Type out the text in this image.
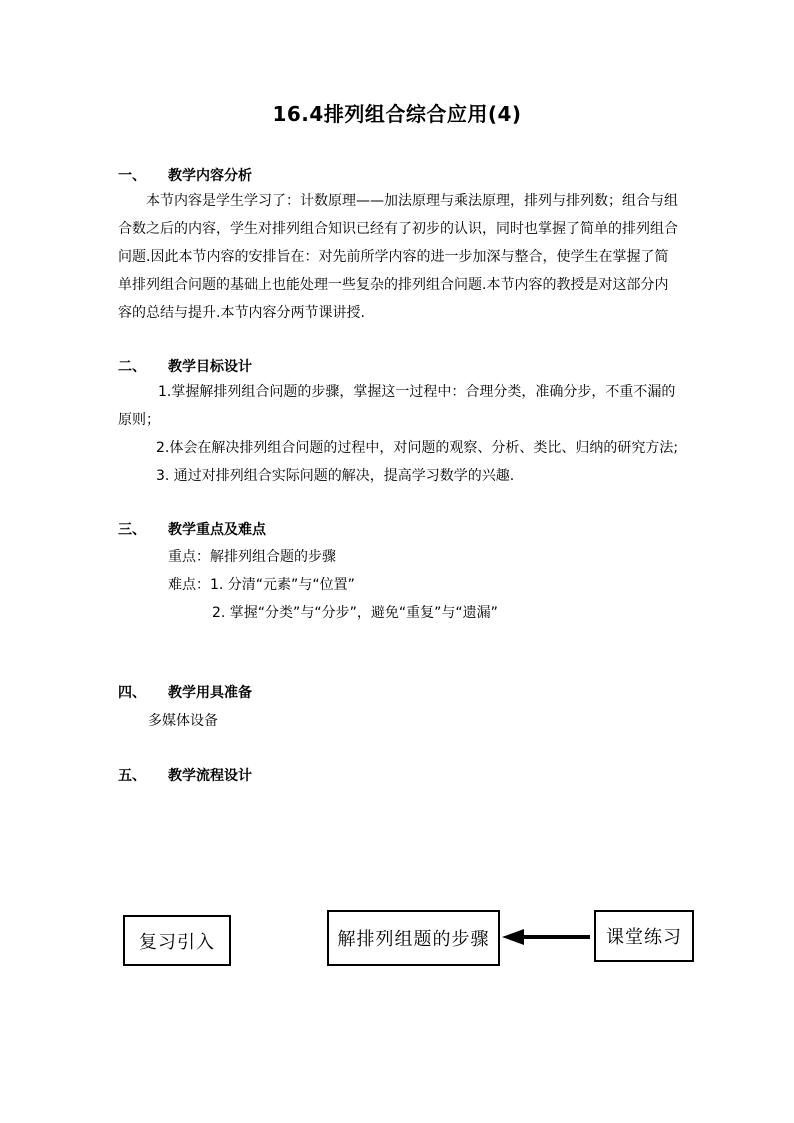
16.4排列组合综合应用(4)
一、 教学内容分析
本节内容是学生学习了：计数原理——加法原理与乘法原理，排列与排列数；组合与组
合数之后的内容，学生对排列组合知识已经有了初步的认识，同时也掌握了简单的排列组合
问题.因此本节内容的安排旨在：对先前所学内容的进一步加深与整合，使学生在掌握了简
单排列组合问题的基础上也能处理一些复杂的排列组合问题.本节内容的教授是对这部分内
容的总结与提升.本节内容分两节课讲授.
二、 教学目标设计
1.掌握解排列组合问题的步骤，掌握这一过程中：合理分类，准确分步，不重不漏的
原则；
2.体会在解决排列组合问题的过程中，对问题的观察、分析、类比、归纳的研究方法;
3. 通过对排列组合实际问题的解决，提高学习数学的兴趣.
三、 教学重点及难点
重点：解排列组合题的步骤
难点：1. 分清“元素”与“位置”
2. 掌握“分类”与“分步”，避免“重复”与“遗漏”
四、 教学用具准备
多媒体设备
五、 教学流程设计
复习引入	解排列组题的步骤	课堂练习
